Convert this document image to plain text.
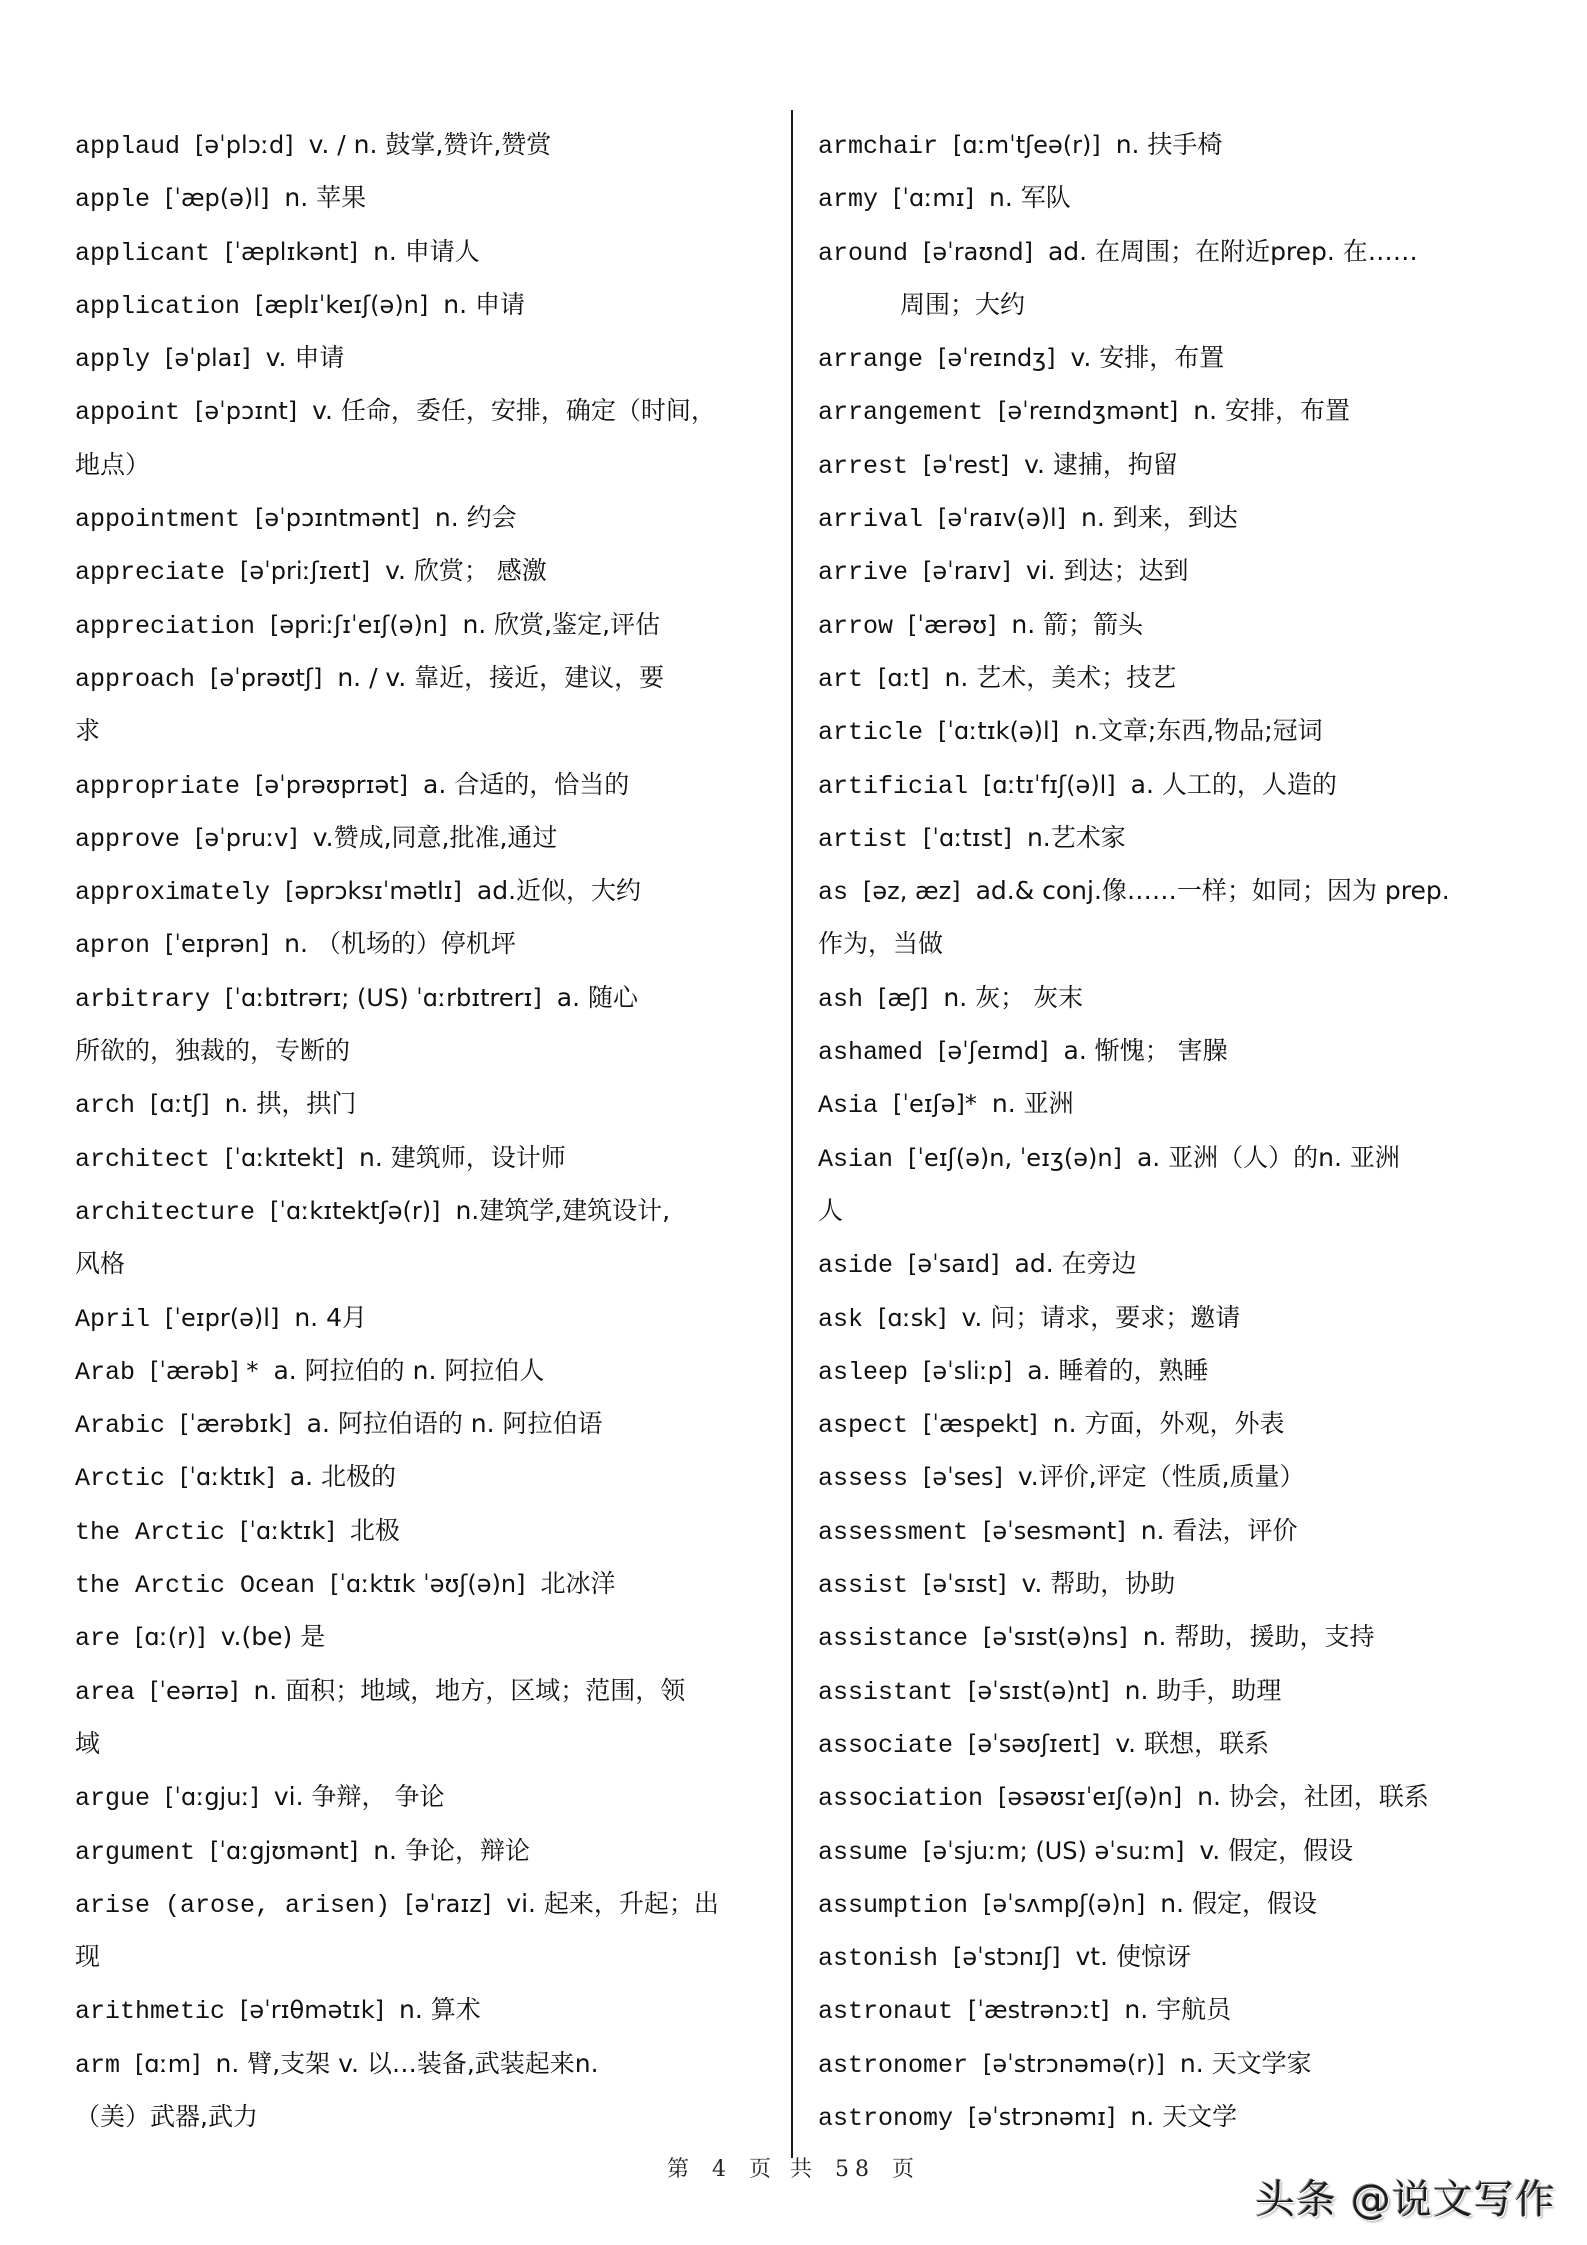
applaud [əˈplɔːd] v. / n. 鼓掌,赞许,赞赏
apple [ˈæp(ə)l] n. 苹果
applicant [ˈæplɪkənt] n. 申请人
application [æplɪˈkeɪʃ(ə)n] n. 申请
apply [əˈplaɪ] v. 申请
appoint [əˈpɔɪnt] v. 任命，委任，安排，确定（时间，
地点）
appointment [əˈpɔɪntmənt] n. 约会
appreciate [əˈpriːʃɪeɪt] v. 欣赏； 感激
appreciation [əpriːʃɪˈeɪʃ(ə)n] n. 欣赏,鉴定,评估
approach [əˈprəʊtʃ] n. / v. 靠近，接近，建议，要
求
appropriate [əˈprəʊprɪət] a. 合适的，恰当的
approve [əˈpruːv] v.赞成,同意,批准,通过
approximately [əprɔksɪˈmətlɪ] ad.近似，大约
apron [ˈeɪprən] n. （机场的）停机坪
arbitrary [ˈɑːbɪtrərɪ; (US) ˈɑːrbɪtrerɪ] a. 随心
所欲的，独裁的，专断的
arch [ɑːtʃ] n. 拱，拱门
architect [ˈɑːkɪtekt] n. 建筑师，设计师
architecture [ˈɑːkɪtektʃə(r)] n.建筑学,建筑设计,
风格
April [ˈeɪpr(ə)l] n. 4月
Arab [ˈærəb] * a. 阿拉伯的 n. 阿拉伯人
Arabic [ˈærəbɪk] a. 阿拉伯语的 n. 阿拉伯语
Arctic [ˈɑːktɪk] a. 北极的
the Arctic [ˈɑːktɪk] 北极
the Arctic Ocean [ˈɑːktɪk ˈəʊʃ(ə)n] 北冰洋
are [ɑː(r)] v.(be) 是
area [ˈeərɪə] n. 面积；地域，地方，区域；范围，领
域
argue [ˈɑːgjuː] vi. 争辩， 争论
argument [ˈɑːgjʊmənt] n. 争论，辩论
arise (arose, arisen) [əˈraɪz] vi. 起来，升起；出
现
arithmetic [əˈrɪθmətɪk] n. 算术
arm [ɑːm] n. 臂,支架 v. 以…装备,武装起来n.
（美）武器,武力
armchair [ɑːmˈtʃeə(r)] n. 扶手椅
army [ˈɑːmɪ] n. 军队
around [əˈraʊnd] ad. 在周围；在附近prep. 在……
周围；大约
arrange [əˈreɪndʒ] v. 安排，布置
arrangement [əˈreɪndʒmənt] n. 安排，布置
arrest [əˈrest] v. 逮捕，拘留
arrival [əˈraɪv(ə)l] n. 到来，到达
arrive [əˈraɪv] vi. 到达；达到
arrow [ˈærəʊ] n. 箭；箭头
art [ɑːt] n. 艺术，美术；技艺
article [ˈɑːtɪk(ə)l] n.文章;东西,物品;冠词
artificial [ɑːtɪˈfɪʃ(ə)l] a. 人工的，人造的
artist [ˈɑːtɪst] n.艺术家
as [əz, æz] ad.& conj.像……一样；如同；因为 prep.
作为，当做
ash [æʃ] n. 灰； 灰末
ashamed [əˈʃeɪmd] a. 惭愧； 害臊
Asia [ˈeɪʃə]* n. 亚洲
Asian [ˈeɪʃ(ə)n, ˈeɪʒ(ə)n] a. 亚洲（人）的n. 亚洲
人
aside [əˈsaɪd] ad. 在旁边
ask [ɑːsk] v. 问；请求，要求；邀请
asleep [əˈsliːp] a. 睡着的，熟睡
aspect [ˈæspekt] n. 方面，外观，外表
assess [əˈses] v.评价,评定（性质,质量）
assessment [əˈsesmənt] n. 看法，评价
assist [əˈsɪst] v. 帮助，协助
assistance [əˈsɪst(ə)ns] n. 帮助，援助，支持
assistant [əˈsɪst(ə)nt] n. 助手，助理
associate [əˈsəʊʃɪeɪt] v. 联想，联系
association [əsəʊsɪˈeɪʃ(ə)n] n. 协会，社团，联系
assume [əˈsjuːm; (US) əˈsuːm] v. 假定，假设
assumption [əˈsʌmpʃ(ə)n] n. 假定，假设
astonish [əˈstɔnɪʃ] vt. 使惊讶
astronaut [ˈæstrənɔːt] n. 宇航员
astronomer [əˈstrɔnəmə(r)] n. 天文学家
astronomy [əˈstrɔnəmɪ] n. 天文学
第 4 页 共 58 页
头条 @说文写作
